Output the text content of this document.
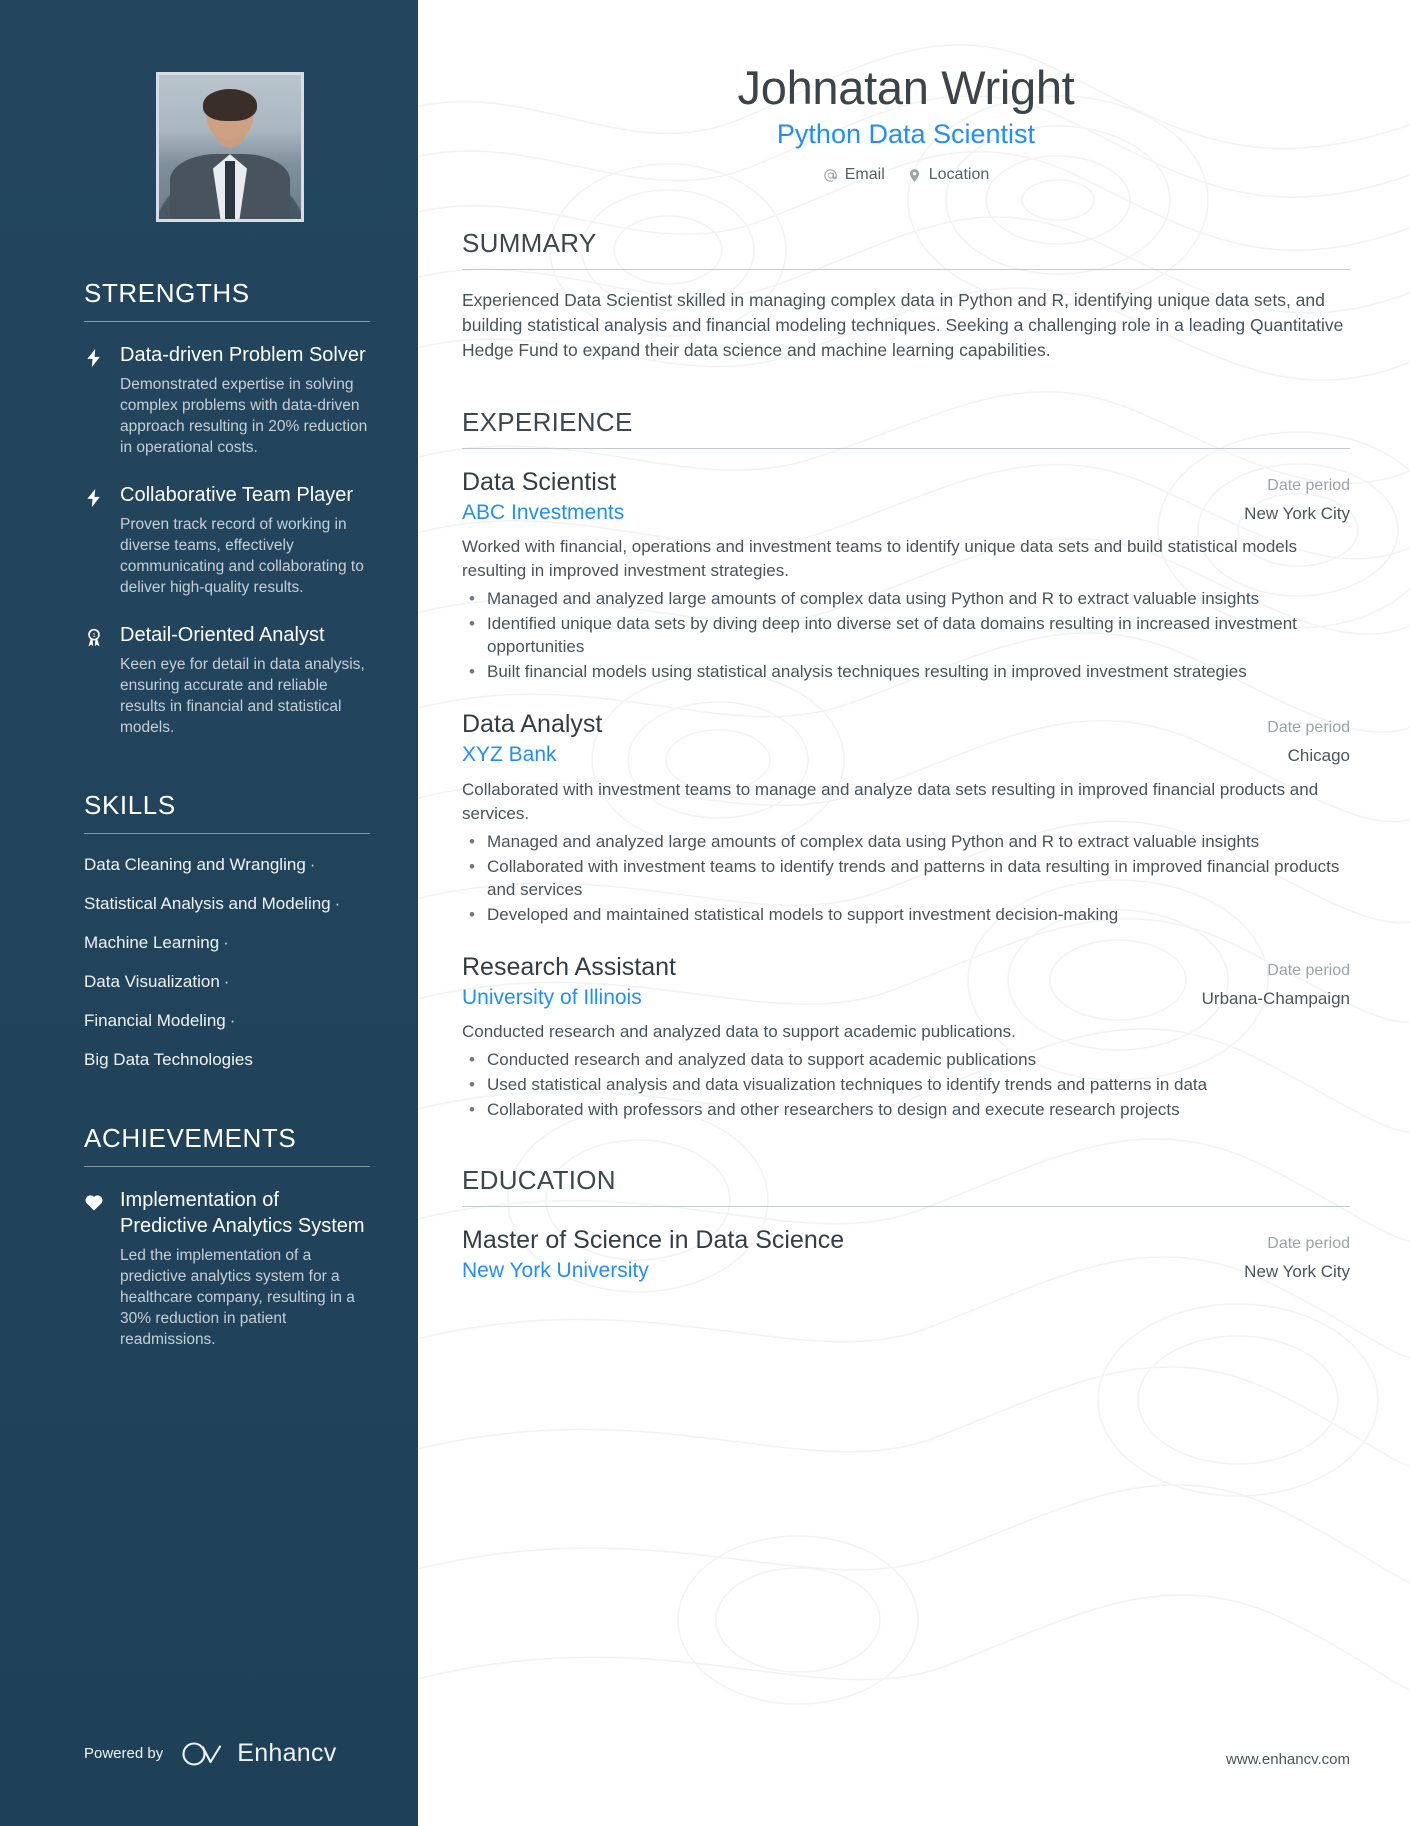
STRENGTHS
Data-driven Problem Solver
Demonstrated expertise in solving complex problems with data-driven approach resulting in 20% reduction in operational costs.
Collaborative Team Player
Proven track record of working in diverse teams, effectively communicating and collaborating to deliver high-quality results.
1 Detail-Oriented Analyst
Keen eye for detail in data analysis, ensuring accurate and reliable results in financial and statistical models.
SKILLS
Data Cleaning and Wrangling ·
Statistical Analysis and Modeling ·
Machine Learning ·
Data Visualization ·
Financial Modeling ·
Big Data Technologies
ACHIEVEMENTS
Implementation of Predictive Analytics System
Led the implementation of a predictive analytics system for a healthcare company, resulting in a 30% reduction in patient readmissions.
Powered by	Enhancv
Johnatan Wright
Python Data Scientist
Email	Location
SUMMARY

Experienced Data Scientist skilled in managing complex data in Python and R, identifying unique data sets, and building statistical analysis and financial modeling techniques. Seeking a challenging role in a leading Quantitative Hedge Fund to expand their data science and machine learning capabilities.

EXPERIENCE
Data Scientist	Date period
ABC Investments	New York City

Worked with financial, operations and investment teams to identify unique data sets and build statistical models resulting in improved investment strategies.

• Managed and analyzed large amounts of complex data using Python and R to extract valuable insights
• Identified unique data sets by diving deep into diverse set of data domains resulting in increased investment opportunities
• Built financial models using statistical analysis techniques resulting in improved investment strategies
Data Analyst	Date period
XYZ Bank	Chicago

Collaborated with investment teams to manage and analyze data sets resulting in improved financial products and services.

• Managed and analyzed large amounts of complex data using Python and R to extract valuable insights
• Collaborated with investment teams to identify trends and patterns in data resulting in improved financial products and services
• Developed and maintained statistical models to support investment decision-making
Research Assistant	Date period
University of Illinois	Urbana-Champaign

Conducted research and analyzed data to support academic publications.

• Conducted research and analyzed data to support academic publications
• Used statistical analysis and data visualization techniques to identify trends and patterns in data
• Collaborated with professors and other researchers to design and execute research projects
EDUCATION
Master of Science in Data Science	Date period
New York University	New York City
www.enhancv.com
